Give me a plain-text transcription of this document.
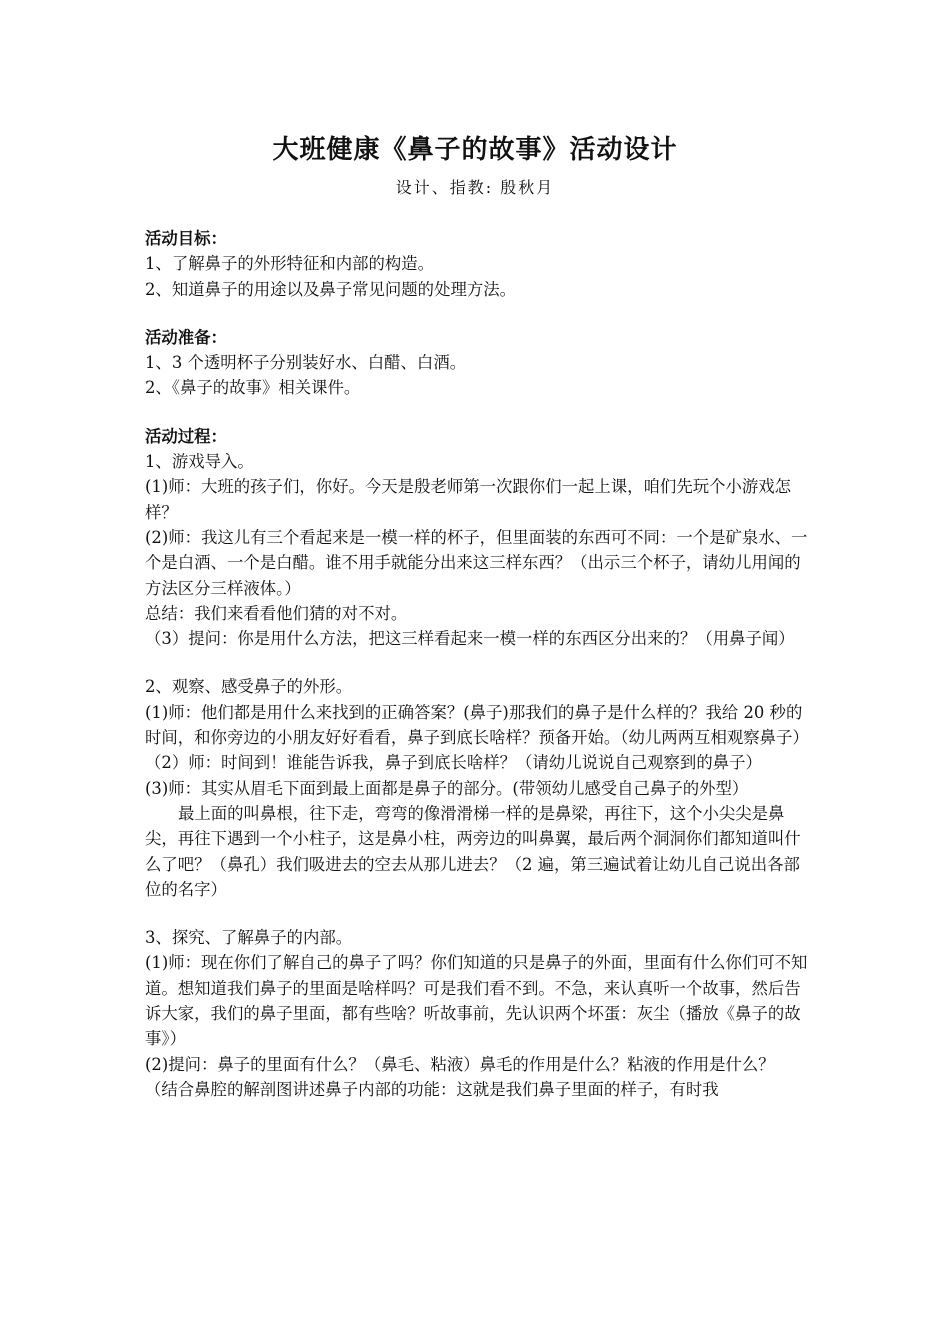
大班健康《鼻子的故事》活动设计
设计、指教: 殷秋月

活动目标：

1、了解鼻子的外形特征和内部的构造。

2、知道鼻子的用途以及鼻子常见问题的处理方法。

活动准备：

1、3 个透明杯子分别装好水、白醋、白酒。

2、《鼻子的故事》相关课件。

活动过程：

1、游戏导入。

(1)师：大班的孩子们，你好。今天是殷老师第一次跟你们一起上课，咱们先玩个小游戏怎样？

(2)师：我这儿有三个看起来是一模一样的杯子，但里面装的东西可不同：一个是矿泉水、一个是白酒、一个是白醋。谁不用手就能分出来这三样东西？（出示三个杯子，请幼儿用闻的方法区分三样液体。）

总结：我们来看看他们猜的对不对。

（3）提问：你是用什么方法，把这三样看起来一模一样的东西区分出来的？（用鼻子闻）

2、观察、感受鼻子的外形。

(1)师：他们都是用什么来找到的正确答案？(鼻子)那我们的鼻子是什么样的？我给 20 秒的时间，和你旁边的小朋友好好看看，鼻子到底长啥样？预备开始。（幼儿两两互相观察鼻子）

（2）师：时间到！谁能告诉我，鼻子到底长啥样？（请幼儿说说自己观察到的鼻子）

(3)师：其实从眉毛下面到最上面都是鼻子的部分。(带领幼儿感受自己鼻子的外型）

最上面的叫鼻根，往下走，弯弯的像滑滑梯一样的是鼻梁，再往下，这个小尖尖是鼻尖，再往下遇到一个小柱子，这是鼻小柱，两旁边的叫鼻翼，最后两个洞洞你们都知道叫什么了吧？（鼻孔）我们吸进去的空去从那儿进去？（2 遍，第三遍试着让幼儿自己说出各部位的名字）

3、探究、了解鼻子的内部。

(1)师：现在你们了解自己的鼻子了吗？你们知道的只是鼻子的外面，里面有什么你们可不知道。想知道我们鼻子的里面是啥样吗？可是我们看不到。不急，来认真听一个故事，然后告诉大家，我们的鼻子里面，都有些啥？听故事前，先认识两个坏蛋：灰尘（播放《鼻子的故事》）

(2)提问：鼻子的里面有什么？（鼻毛、粘液）鼻毛的作用是什么？粘液的作用是什么？

（结合鼻腔的解剖图讲述鼻子内部的功能：这就是我们鼻子里面的样子，有时我
